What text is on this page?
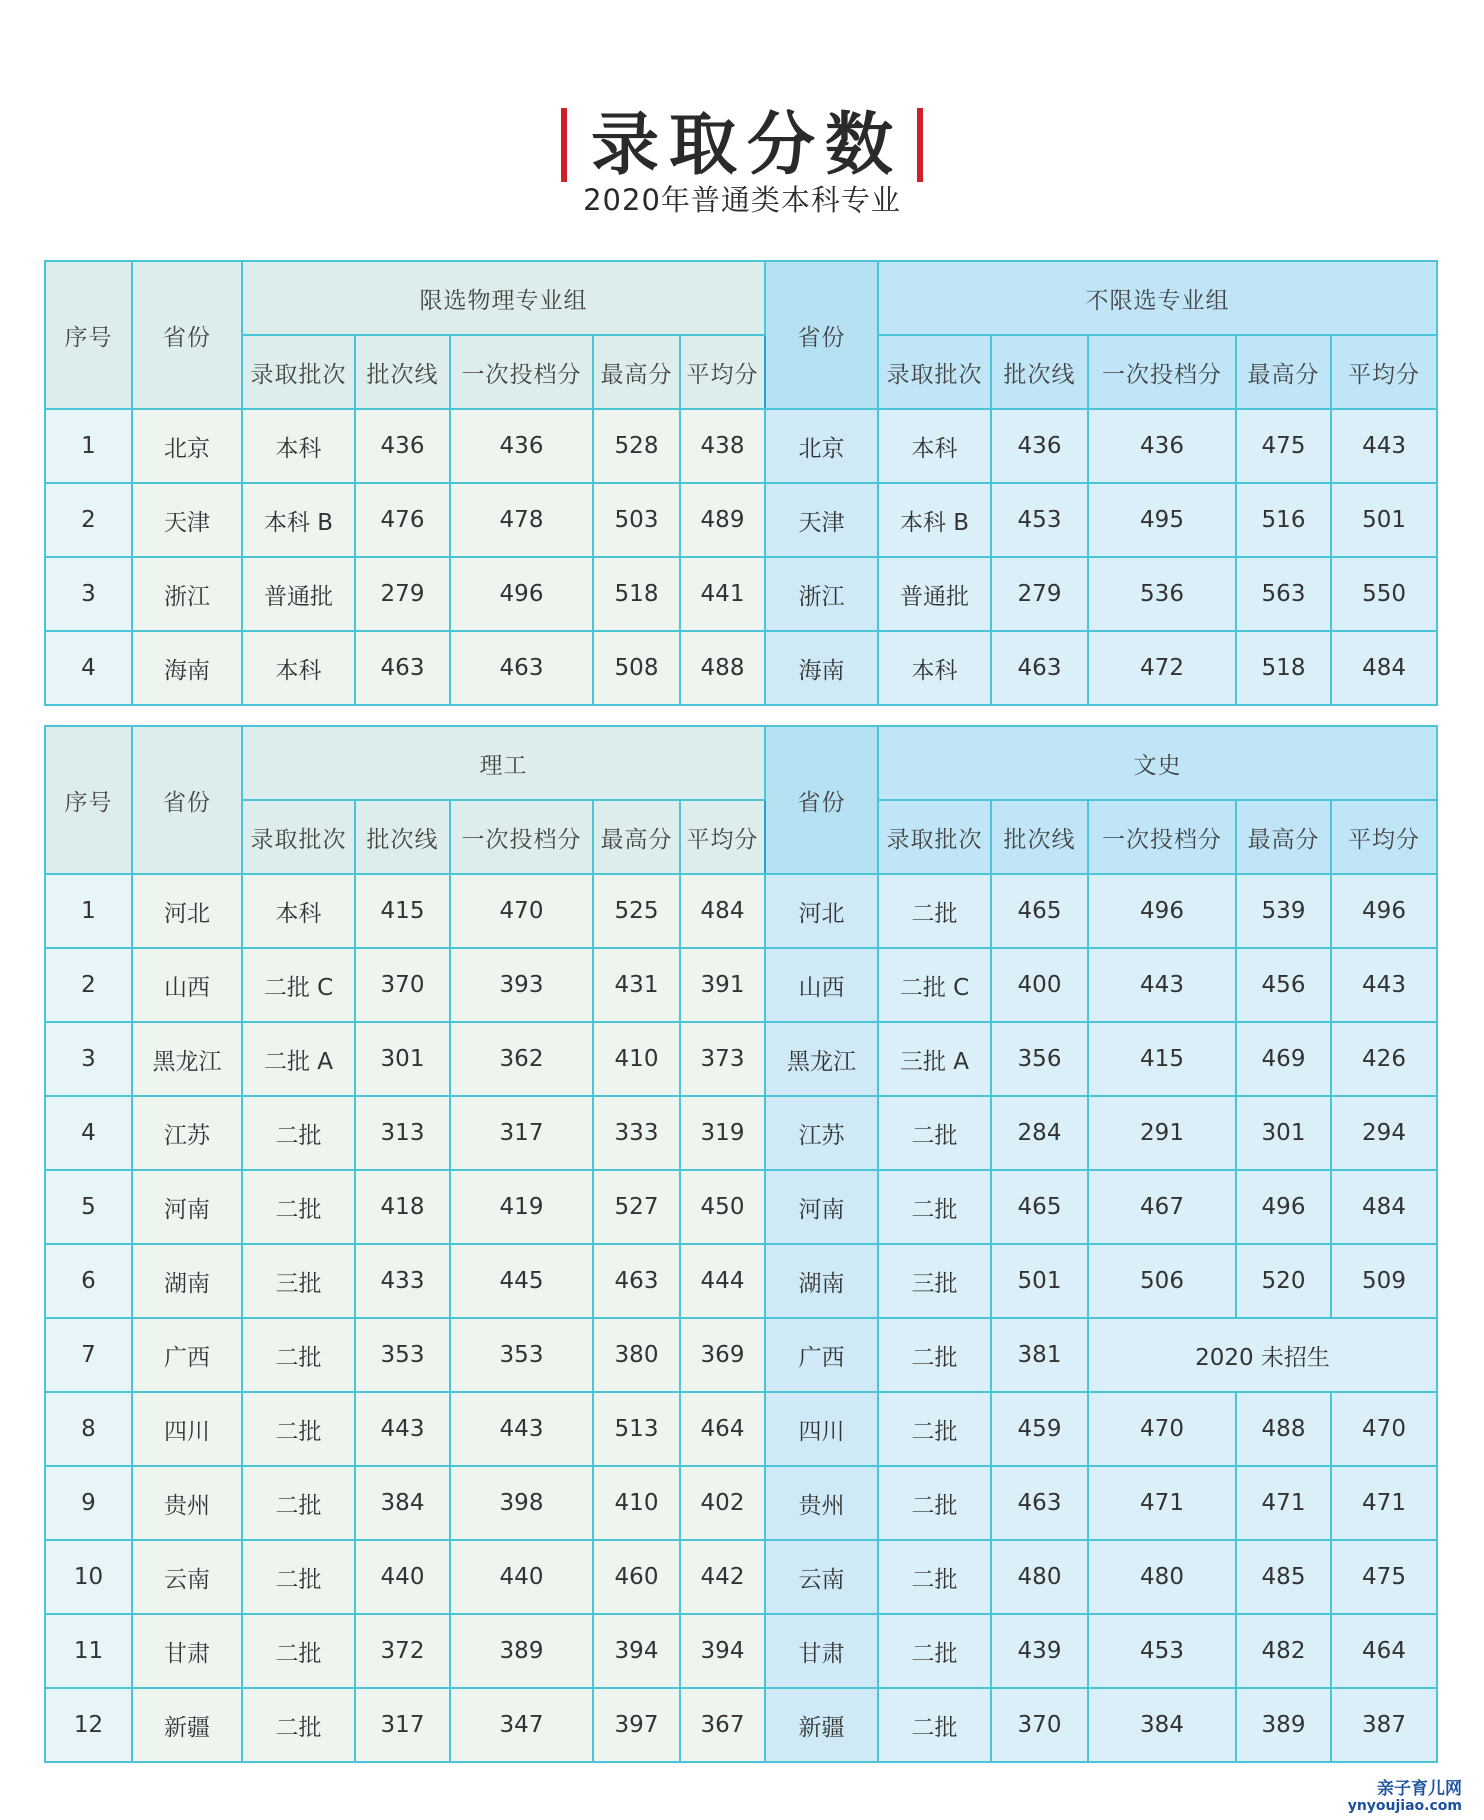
录取分数
2020年普通类本科专业
序号	省份	限选物理专业组					省份	不限选专业组				
		录取批次	批次线	一次投档分	最高分	平均分		录取批次	批次线	一次投档分	最高分	平均分
1	北京	本科	436	436	528	438	北京	本科	436	436	475	443
2	天津	本科 B	476	478	503	489	天津	本科 B	453	495	516	501
3	浙江	普通批	279	496	518	441	浙江	普通批	279	536	563	550
4	海南	本科	463	463	508	488	海南	本科	463	472	518	484
序号	省份	理工					省份	文史				
		录取批次	批次线	一次投档分	最高分	平均分		录取批次	批次线	一次投档分	最高分	平均分
1	河北	本科	415	470	525	484	河北	二批	465	496	539	496
2	山西	二批 C	370	393	431	391	山西	二批 C	400	443	456	443
3	黑龙江	二批 A	301	362	410	373	黑龙江	三批 A	356	415	469	426
4	江苏	二批	313	317	333	319	江苏	二批	284	291	301	294
5	河南	二批	418	419	527	450	河南	二批	465	467	496	484
6	湖南	三批	433	445	463	444	湖南	三批	501	506	520	509
7	广西	二批	353	353	380	369	广西	二批	381	2020 未招生		
8	四川	二批	443	443	513	464	四川	二批	459	470	488	470
9	贵州	二批	384	398	410	402	贵州	二批	463	471	471	471
10	云南	二批	440	440	460	442	云南	二批	480	480	485	475
11	甘肃	二批	372	389	394	394	甘肃	二批	439	453	482	464
12	新疆	二批	317	347	397	367	新疆	二批	370	384	389	387
亲子育儿网
ynyoujiao.com
